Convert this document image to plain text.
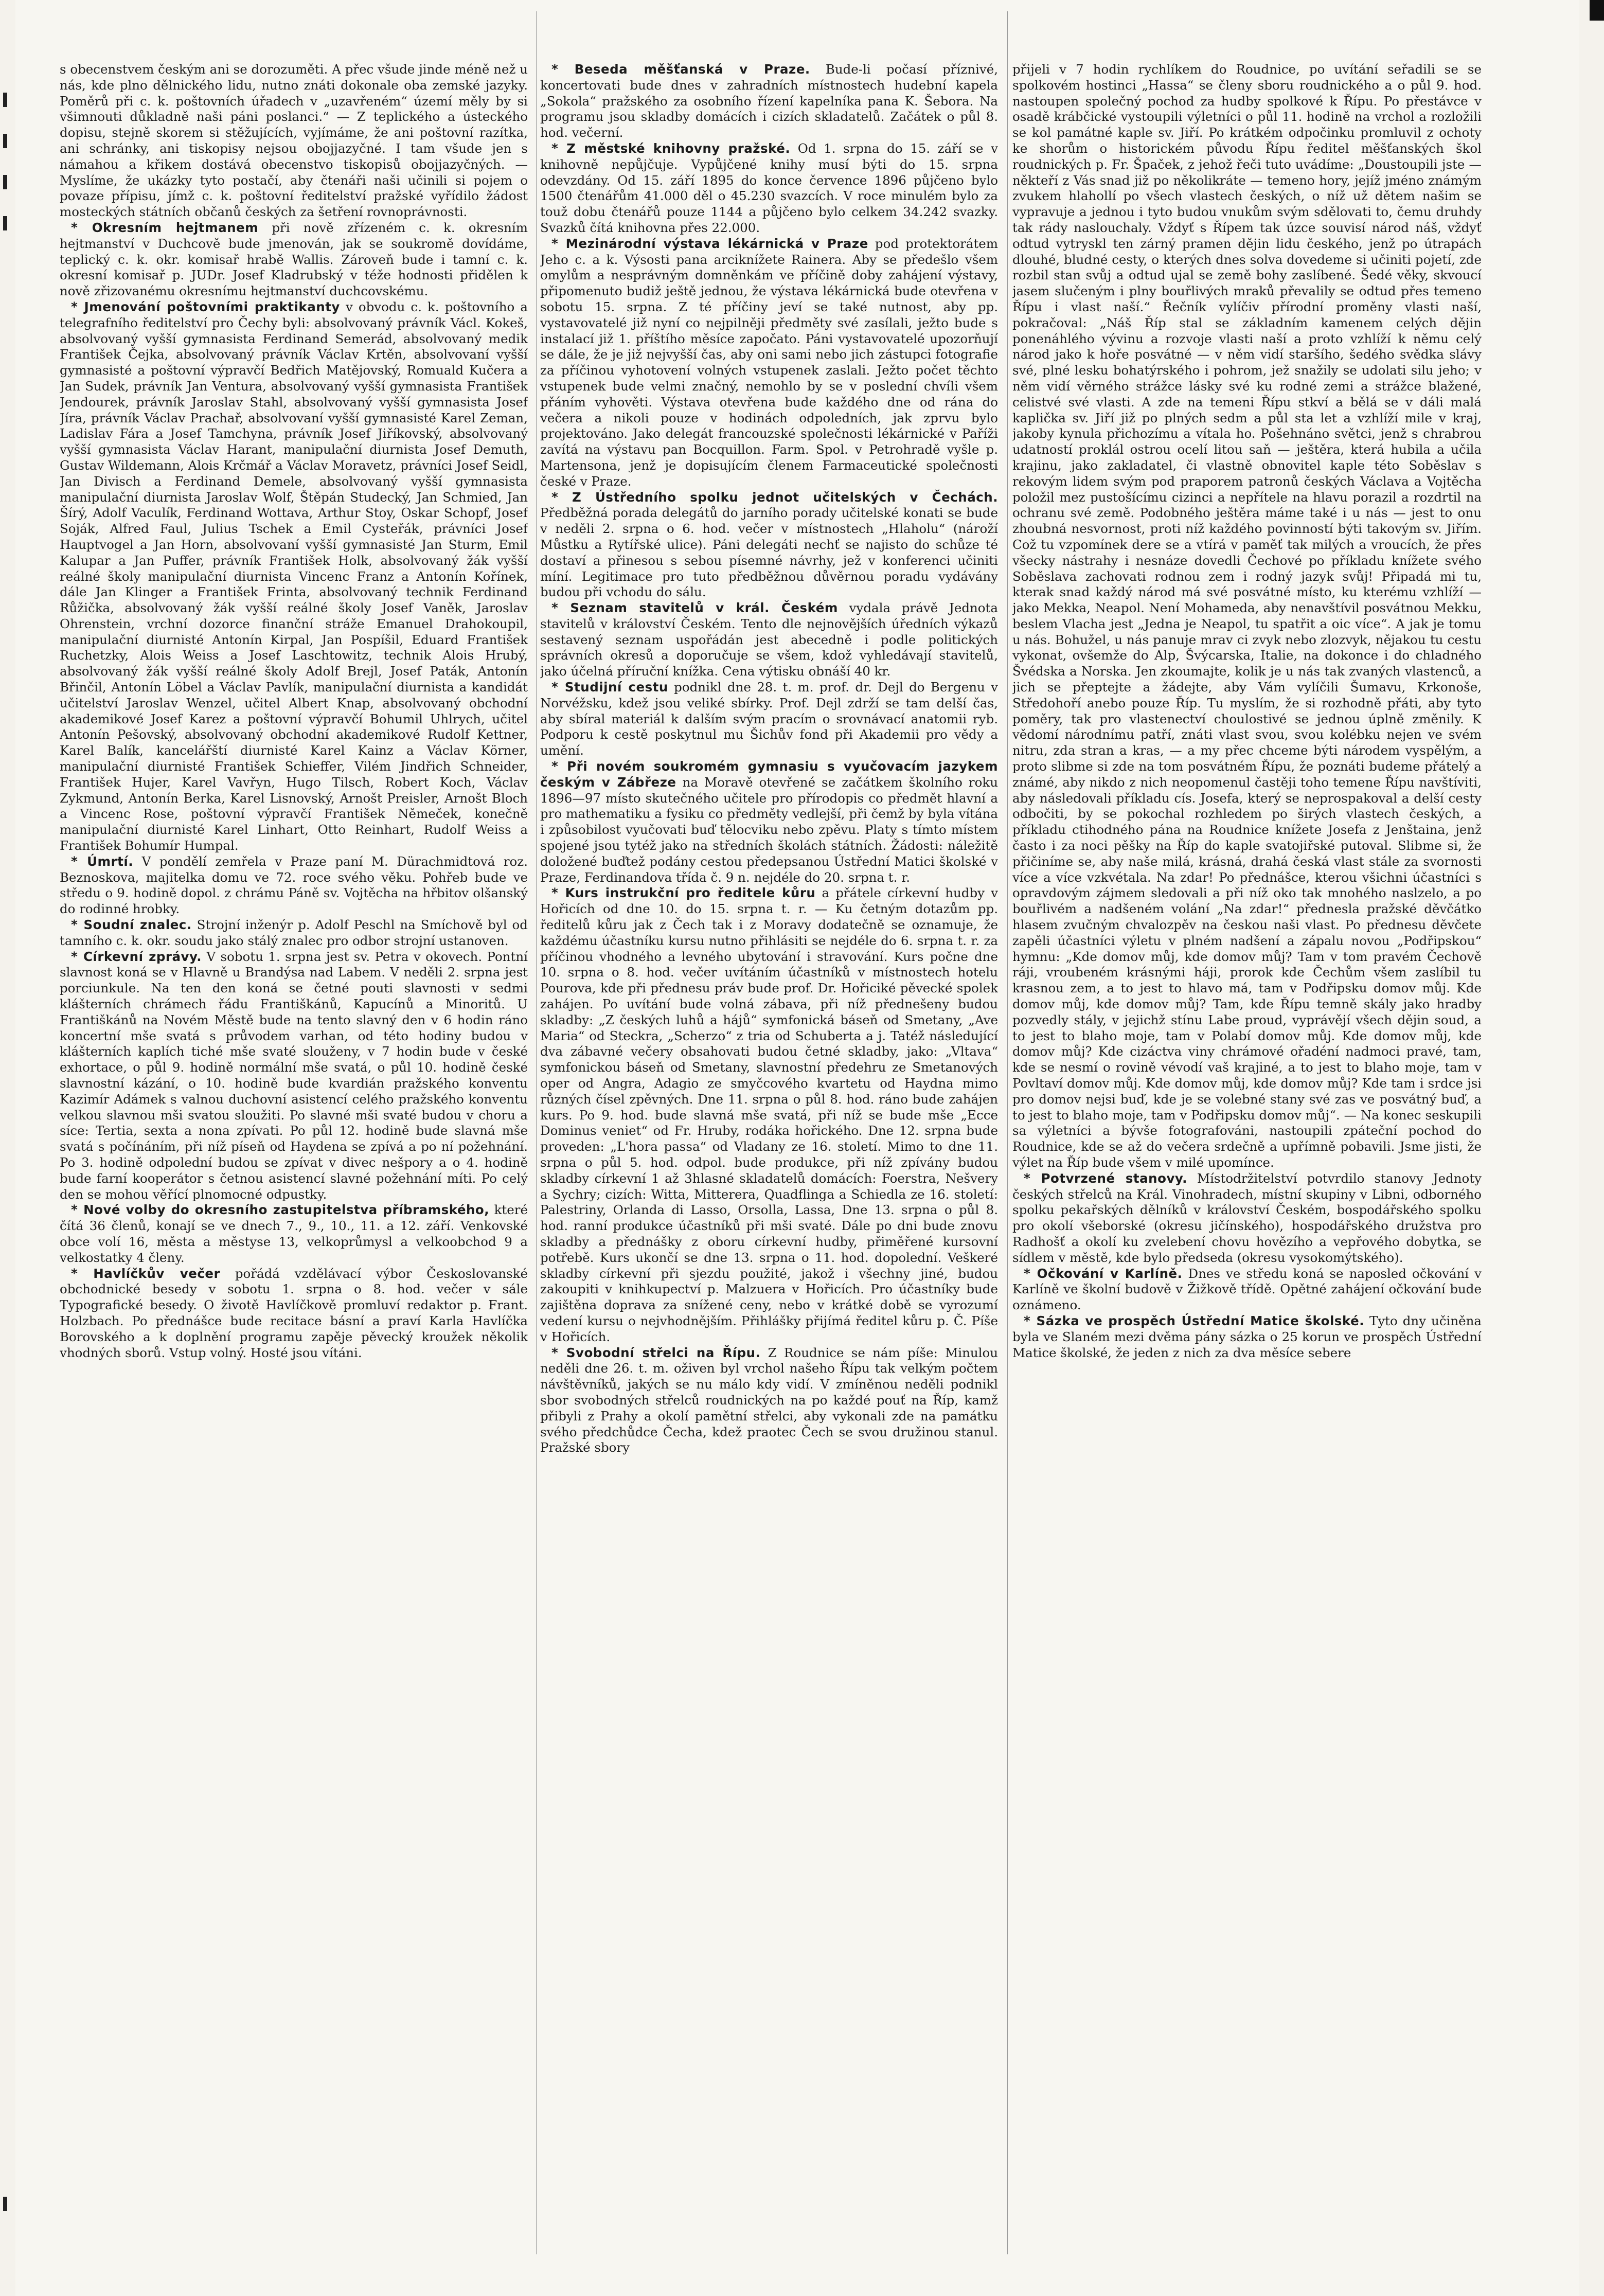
s obecenstvem českým ani se dorozuměti. A přec všude jinde méně než u nás, kde plno dělnického lidu, nutno znáti dokonale oba zemské jazyky. Poměrů při c. k. poštovních úřadech v „uzavřeném“ území měly by si všimnouti důkladně naši páni poslanci.“ — Z teplického a ústeckého dopisu, stejně skorem si stěžujících, vyjímáme, že ani poštovní razítka, ani schránky, ani tiskopisy nejsou obojjazyčné. I tam všude jen s námahou a křikem dostává obecenstvo tiskopisů obojjazyčných. — Myslíme, že ukázky tyto postačí, aby čtenáři naši učinili si pojem o povaze přípisu, jímž c. k. poštovní ředitelství pražské vyřídilo žádost mosteckých státních občanů českých za šetření rovnoprávnosti.

* Okresním hejtmanem při nově zřízeném c. k. okresním hejtmanství v Duchcově bude jmenován, jak se soukromě dovídáme, teplický c. k. okr. komisař hrabě Wallis. Zároveň bude i tamní c. k. okresní komisař p. JUDr. Josef Kladrubský v téže hodnosti přidělen k nově zřizovanému okresnímu hejtmanství duchcovskému.

* Jmenování poštovními praktikanty v obvodu c. k. poštovního a telegrafního ředitelství pro Čechy byli: absolvovaný právník Václ. Kokeš, absolvovaný vyšší gymnasista Ferdinand Semerád, absolvovaný medik František Čejka, absolvovaný právník Václav Krtěn, absolvovaní vyšší gymnasisté a poštovní výpravčí Bedřich Matějovský, Romuald Kučera a Jan Sudek, právník Jan Ventura, absolvovaný vyšší gymnasista František Jendourek, právník Jaroslav Stahl, absolvovaný vyšší gymnasista Josef Jíra, právník Václav Prachař, absolvovaní vyšší gymnasisté Karel Zeman, Ladislav Fára a Josef Tamchyna, právník Josef Jiříkovský, absolvovaný vyšší gymnasista Václav Harant, manipulační diurnista Josef Demuth, Gustav Wildemann, Alois Krčmář a Václav Moravetz, právníci Josef Seidl, Jan Divisch a Ferdinand Demele, absolvovaný vyšší gymnasista manipulační diurnista Jaroslav Wolf, Štěpán Studecký, Jan Schmied, Jan Šírý, Adolf Vaculík, Ferdinand Wottava, Arthur Stoy, Oskar Schopf, Josef Soják, Alfred Faul, Julius Tschek a Emil Cysteřák, právníci Josef Hauptvogel a Jan Horn, absolvovaní vyšší gymnasisté Jan Sturm, Emil Kalupar a Jan Puffer, právník František Holk, absolvovaný žák vyšší reálné školy manipulační diurnista Vincenc Franz a Antonín Kořínek, dále Jan Klinger a František Frinta, absolvovaný technik Ferdinand Růžička, absolvovaný žák vyšší reálné školy Josef Vaněk, Jaroslav Ohrenstein, vrchní dozorce finanční stráže Emanuel Drahokoupil, manipulační diurnisté Antonín Kirpal, Jan Pospíšil, Eduard František Ruchetzky, Alois Weiss a Josef Laschtowitz, technik Alois Hrubý, absolvovaný žák vyšší reálné školy Adolf Brejl, Josef Paták, Antonín Břinčil, Antonín Löbel a Václav Pavlík, manipulační diurnista a kandidát učitelství Jaroslav Wenzel, učitel Albert Knap, absolvovaný obchodní akademikové Josef Karez a poštovní výpravčí Bohumil Uhlrych, učitel Antonín Pešovský, absolvovaný obchodní akademikové Rudolf Kettner, Karel Balík, kancelářští diurnisté Karel Kainz a Václav Körner, manipulační diurnisté František Schieffer, Vilém Jindřich Schneider, František Hujer, Karel Vavřyn, Hugo Tilsch, Robert Koch, Václav Zykmund, Antonín Berka, Karel Lisnovský, Arnošt Preisler, Arnošt Bloch a Vincenc Rose, poštovní výpravčí František Němeček, konečně manipulační diurnisté Karel Linhart, Otto Reinhart, Rudolf Weiss a František Bohumír Humpal.

* Úmrtí. V pondělí zemřela v Praze paní M. Dürachmidtová roz. Beznoskova, majitelka domu ve 72. roce svého věku. Pohřeb bude ve středu o 9. hodině dopol. z chrámu Páně sv. Vojtěcha na hřbitov olšanský do rodinné hrobky.

* Soudní znalec. Strojní inženýr p. Adolf Peschl na Smíchově byl od tamního c. k. okr. soudu jako stálý znalec pro odbor strojní ustanoven.

* Církevní zprávy. V sobotu 1. srpna jest sv. Petra v okovech. Pontní slavnost koná se v Hlavně u Brandýsa nad Labem. V neděli 2. srpna jest porciunkule. Na ten den koná se četné pouti slavnosti v sedmi klášterních chrámech řádu Františkánů, Kapucínů a Minoritů. U Františkánů na Novém Městě bude na tento slavný den v 6 hodin ráno koncertní mše svatá s průvodem varhan, od této hodiny budou v klášterních kaplích tiché mše svaté slouženy, v 7 hodin bude v české exhortace, o půl 9. hodině normální mše svatá, o půl 10. hodině české slavnostní kázání, o 10. hodině bude kvardián pražského konventu Kazimír Adámek s valnou duchovní asistencí celého pražského konventu velkou slavnou mši svatou sloužiti. Po slavné mši svaté budou v choru a síce: Tertia, sexta a nona zpívati. Po půl 12. hodině bude slavná mše svatá s počínáním, při níž píseň od Haydena se zpívá a po ní požehnání. Po 3. hodině odpolední budou se zpívat v divec nešpory a o 4. hodině bude farní kooperátor s četnou asistencí slavné požehnání míti. Po celý den se mohou věřící plnomocné odpustky.

* Nové volby do okresního zastupitelstva příbramského, které čítá 36 členů, konají se ve dnech 7., 9., 10., 11. a 12. září. Venkovské obce volí 16, města a městyse 13, velkoprůmysl a velkoobchod 9 a velkostatky 4 členy.

* Havlíčkův večer pořádá vzdělávací výbor Českoslovanské obchodnické besedy v sobotu 1. srpna o 8. hod. večer v sále Typografické besedy. O životě Havlíčkově promluví redaktor p. Frant. Holzbach. Po přednášce bude recitace básní a praví Karla Havlíčka Borovského a k doplnění programu zapěje pěvecký kroužek několik vhodných sborů. Vstup volný. Hosté jsou vítáni.

* Beseda měšťanská v Praze. Bude-li počasí příznivé, koncertovati bude dnes v zahradních místnostech hudební kapela „Sokola“ pražského za osobního řízení kapelníka pana K. Šebora. Na programu jsou skladby domácích i cizích skladatelů. Začátek o půl 8. hod. večerní.

* Z městské knihovny pražské. Od 1. srpna do 15. září se v knihovně nepůjčuje. Vypůjčené knihy musí býti do 15. srpna odevzdány. Od 15. září 1895 do konce července 1896 půjčeno bylo 1500 čtenářům 41.000 děl o 45.230 svazcích. V roce minulém bylo za touž dobu čtenářů pouze 1144 a půjčeno bylo celkem 34.242 svazky. Svazků čítá knihovna přes 22.000.

* Mezinárodní výstava lékárnická v Praze pod protektorátem Jeho c. a k. Výsosti pana arciknížete Rainera. Aby se předešlo všem omylům a nesprávným domněnkám ve příčině doby zahájení výstavy, připomenuto budiž ještě jednou, že výstava lékárnická bude otevřena v sobotu 15. srpna. Z té příčiny jeví se také nutnost, aby pp. vystavovatelé již nyní co nejpilněji předměty své zasílali, ježto bude s instalací již 1. příštího měsíce započato. Páni vystavovatelé upozorňují se dále, že je již nejvyšší čas, aby oni sami nebo jich zástupci fotografie za příčinou vyhotovení volných vstupenek zaslali. Ježto počet těchto vstupenek bude velmi značný, nemohlo by se v poslední chvíli všem přáním vyhověti. Výstava otevřena bude každého dne od rána do večera a nikoli pouze v hodinách odpoledních, jak zprvu bylo projektováno. Jako delegát francouzské společnosti lékárnické v Paříži zavítá na výstavu pan Bocquillon. Farm. Spol. v Petrohradě vyšle p. Martensona, jenž je dopisujícím členem Farmaceutické společnosti české v Praze.

* Z Ústředního spolku jednot učitelských v Čechách. Předběžná porada delegátů do jarního porady učitelské konati se bude v neděli 2. srpna o 6. hod. večer v místnostech „Hlaholu“ (nároží Můstku a Rytířské ulice). Páni delegáti nechť se najisto do schůze té dostaví a přinesou s sebou písemné návrhy, jež v konferenci učiniti míní. Legitimace pro tuto předběžnou důvěrnou poradu vydávány budou při vchodu do sálu.

* Seznam stavitelů v král. Českém vydala právě Jednota stavitelů v království Českém. Tento dle nejnovějších úředních výkazů sestavený seznam uspořádán jest abecedně i podle politických správních okresů a doporučuje se všem, kdož vyhledávají stavitelů, jako účelná příruční knížka. Cena výtisku obnáší 40 kr.

* Studijní cestu podnikl dne 28. t. m. prof. dr. Dejl do Bergenu v Norvéžsku, kdež jsou veliké sbírky. Prof. Dejl zdrží se tam delší čas, aby sbíral materiál k dalším svým pracím o srovnávací anatomii ryb. Podporu k cestě poskytnul mu Šichův fond při Akademii pro vědy a umění.

* Při novém soukromém gymnasiu s vyučovacím jazykem českým v Zábřeze na Moravě otevřené se začátkem školního roku 1896—97 místo skutečného učitele pro přírodopis co předmět hlavní a pro mathematiku a fysiku co předměty vedlejší, při čemž by byla vítána i způsobilost vyučovati buď tělocviku nebo zpěvu. Platy s tímto místem spojené jsou tytéž jako na středních školách státních. Žádosti: náležitě doložené buďtež podány cestou předepsanou Ústřední Matici školské v Praze, Ferdinandova třída č. 9 n. nejdéle do 20. srpna t. r.

* Kurs instrukční pro ředitele kůru a přátele církevní hudby v Hořicích od dne 10. do 15. srpna t. r. — Ku četným dotazům pp. ředitelů kůru jak z Čech tak i z Moravy dodatečně se oznamuje, že každému účastníku kursu nutno přihlásiti se nejdéle do 6. srpna t. r. za příčinou vhodného a levného ubytování i stravování. Kurs počne dne 10. srpna o 8. hod. večer uvítáním účastníků v místnostech hotelu Pourova, kde při přednesu práv bude prof. Dr. Hořiciké pěvecké spolek zahájen. Po uvítání bude volná zábava, při níž přednešeny budou skladby: „Z českých luhů a hájů“ symfonická báseň od Smetany, „Ave Maria“ od Steckra, „Scherzo“ z tria od Schuberta a j. Tatéž následující dva zábavné večery obsahovati budou četné skladby, jako: „Vltava“ symfonickou báseň od Smetany, slavnostní předehru ze Smetanových oper od Angra, Adagio ze smyčcového kvartetu od Haydna mimo různých čísel zpěvných. Dne 11. srpna o půl 8. hod. ráno bude zahájen kurs. Po 9. hod. bude slavná mše svatá, při níž se bude mše „Ecce Dominus veniet“ od Fr. Hruby, rodáka hořického. Dne 12. srpna bude proveden: „L'hora passa“ od Vladany ze 16. století. Mimo to dne 11. srpna o půl 5. hod. odpol. bude produkce, při níž zpívány budou skladby církevní 1 až 3hlasné skladatelů domácích: Foerstra, Nešvery a Sychry; cizích: Witta, Mitterera, Quadflinga a Schiedla ze 16. století: Palestriny, Orlanda di Lasso, Orsolla, Lassa, Dne 13. srpna o půl 8. hod. ranní produkce účastníků při mši svaté. Dále po dni bude znovu skladby a přednášky z oboru církevní hudby, přiměřené kursovní potřebě. Kurs ukončí se dne 13. srpna o 11. hod. dopolední. Veškeré skladby církevní při sjezdu použité, jakož i všechny jiné, budou zakoupiti v knihkupectví p. Malzuera v Hořicích. Pro účastníky bude zajištěna doprava za snížené ceny, nebo v krátké době se vyrozumí vedení kursu o nejvhodnějším. Přihlášky přijímá ředitel kůru p. Č. Píše v Hořicích.

* Svobodní střelci na Řípu. Z Roudnice se nám píše: Minulou neděli dne 26. t. m. oživen byl vrchol našeho Řípu tak velkým počtem návštěvníků, jakých se nu málo kdy vidí. V zmíněnou neděli podnikl sbor svobodných střelců roudnických na po každé pouť na Říp, kamž přibyli z Prahy a okolí pamětní střelci, aby vykonali zde na památku svého předchůdce Čecha, kdež praotec Čech se svou družinou stanul. Pražské sbory

přijeli v 7 hodin rychlíkem do Roudnice, po uvítání seřadili se se spolkovém hostinci „Hassa“ se členy sboru roudnického a o půl 9. hod. nastoupen společný pochod za hudby spolkové k Řípu. Po přestávce v osadě krábčické vystoupili výletníci o půl 11. hodině na vrchol a rozložili se kol památné kaple sv. Jiří. Po krátkém odpočinku promluvil z ochoty ke shorům o historickém původu Řípu ředitel měšťanských škol roudnických p. Fr. Špaček, z jehož řeči tuto uvádíme: „Doustoupili jste — někteří z Vás snad již po několikráte — temeno hory, jejíž jméno známým zvukem hlahollí po všech vlastech českých, o níž už dětem našim se vypravuje a jednou i tyto budou vnukům svým sdělovati to, čemu druhdy tak rády naslouchaly. Vždyť s Řípem tak úzce souvisí národ náš, vždyť odtud vytryskl ten zárný pramen dějin lidu českého, jenž po útrapách dlouhé, bludné cesty, o kterých dnes solva dovedeme si učiniti pojetí, zde rozbil stan svůj a odtud ujal se země bohy zaslíbené. Šedé věky, skvoucí jasem slučeným i plny bouřlivých mraků převalily se odtud přes temeno Řípu i vlast naší.“ Řečník vylíčiv přírodní proměny vlasti naší, pokračoval: „Náš Říp stal se základním kamenem celých dějin ponenáhlého vývinu a rozvoje vlasti naší a proto vzhlíží k němu celý národ jako k hoře posvátné — v něm vidí staršího, šedého svědka slávy své, plné lesku bohatýrského i pohrom, jež snažily se udolati silu jeho; v něm vidí věrného strážce lásky své ku rodné zemi a strážce blažené, celistvé své vlasti. A zde na temeni Řípu stkví a bělá se v dáli malá kaplička sv. Jiří již po plných sedm a půl sta let a vzhlíží mile v kraj, jakoby kynula přichozímu a vítala ho. Pošehnáno světci, jenž s chrabrou udatností proklál ostrou ocelí litou saň — ještěra, která hubila a učila krajinu, jako zakladatel, či vlastně obnovitel kaple této Soběslav s rekovým lidem svým pod praporem patronů českých Václava a Vojtěcha položil mez pustošícímu cizinci a nepřítele na hlavu porazil a rozdrtil na ochranu své země. Podobného ještěra máme také i u nás — jest to onu zhoubná nesvornost, proti níž každého povinností býti takovým sv. Jiřím. Což tu vzpomínek dere se a vtírá v paměť tak milých a vroucích, že přes všecky nástrahy i nesnáze dovedli Čechové po příkladu knížete svého Soběslava zachovati rodnou zem i rodný jazyk svůj! Připadá mi tu, kterak snad každý národ má své posvátné místo, ku kterému vzhlíží — jako Mekka, Neapol. Není Mohameda, aby nenavštívil posvátnou Mekku, beslem Vlacha jest „Jedna je Neapol, tu spatřit a oic více“. A jak je tomu u nás. Bohužel, u nás panuje mrav ci zvyk nebo zlozvyk, nějakou tu cestu vykonat, ovšemže do Alp, Švýcarska, Italie, na dokonce i do chladného Švédska a Norska. Jen zkoumajte, kolik je u nás tak zvaných vlastenců, a jich se přeptejte a žádejte, aby Vám vylíčili Šumavu, Krkonoše, Středohoří anebo pouze Říp. Tu myslím, že si rozhodně přáti, aby tyto poměry, tak pro vlastenectví choulostivé se jednou úplně změnily. K vědomí národnímu patří, znáti vlast svou, svou kolébku nejen ve svém nitru, zda stran a kras, — a my přec chceme býti národem vyspělým, a proto slibme si zde na tom posvátném Řípu, že poznáti budeme přátelý a známé, aby nikdo z nich neopomenul častěji toho temene Řípu navštíviti, aby následovali příkladu cís. Josefa, který se neprospakoval a delší cesty odbočiti, by se pokochal rozhledem po širých vlastech českých, a příkladu ctihodného pána na Roudnice knížete Josefa z Jenštaina, jenž často i za noci pěšky na Říp do kaple svatojiřské putoval. Slibme si, že přičiníme se, aby naše milá, krásná, drahá česká vlast stále za svornosti více a více vzkvétala. Na zdar! Po přednášce, kterou všichni účastníci s opravdovým zájmem sledovali a při níž oko tak mnohého naslzelo, a po bouřlivém a nadšeném volání „Na zdar!“ přednesla pražské děvčátko hlasem zvučným chvalozpěv na českou naši vlast. Po přednesu děvčete zapěli účastníci výletu v plném nadšení a zápalu novou „Podřipskou“ hymnu: „Kde domov můj, kde domov můj? Tam v tom pravém Čechově ráji, vroubeném krásnými háji, prorok kde Čechům všem zaslíbil tu krasnou zem, a to jest to hlavo má, tam v Podřipsku domov můj. Kde domov můj, kde domov můj? Tam, kde Řípu temně skály jako hradby pozvedly stály, v jejichž stínu Labe proud, vyprávějí všech dějin soud, a to jest to blaho moje, tam v Polabí domov můj. Kde domov můj, kde domov můj? Kde cizáctva viny chrámové ořadéní nadmoci pravé, tam, kde se nesmí o rovině vévodí vaš krajiné, a to jest to blaho moje, tam v Povltaví domov můj. Kde domov můj, kde domov můj? Kde tam i srdce jsi pro domov nejsi buď, kde je se volebné stany své zas ve posvátný buď, a to jest to blaho moje, tam v Podřipsku domov můj“. — Na konec seskupili sa výletníci a bývše fotografováni, nastoupili zpáteční pochod do Roudnice, kde se až do večera srdečně a upřímně pobavili. Jsme jisti, že výlet na Říp bude všem v milé upomínce.

* Potvrzené stanovy. Místodržitelství potvrdilo stanovy Jednoty českých střelců na Král. Vinohradech, místní skupiny v Libni, odborného spolku pekařských dělníků v království Českém, bospodářského spolku pro okolí všeborské (okresu jičínského), hospodářského družstva pro Radhošť a okolí ku zvelebení chovu hovězího a vepřového dobytka, se sídlem v městě, kde bylo předseda (okresu vysokomýtského).

* Očkování v Karlíně. Dnes ve středu koná se naposled očkování v Karlíně ve školní budově v Žižkově třídě. Opětné zahájení očkování bude oznámeno.

* Sázka ve prospěch Ústřední Matice školské. Tyto dny učiněna byla ve Slaném mezi dvěma pány sázka o 25 korun ve prospěch Ústřední Matice školské, že jeden z nich za dva měsíce sebere
